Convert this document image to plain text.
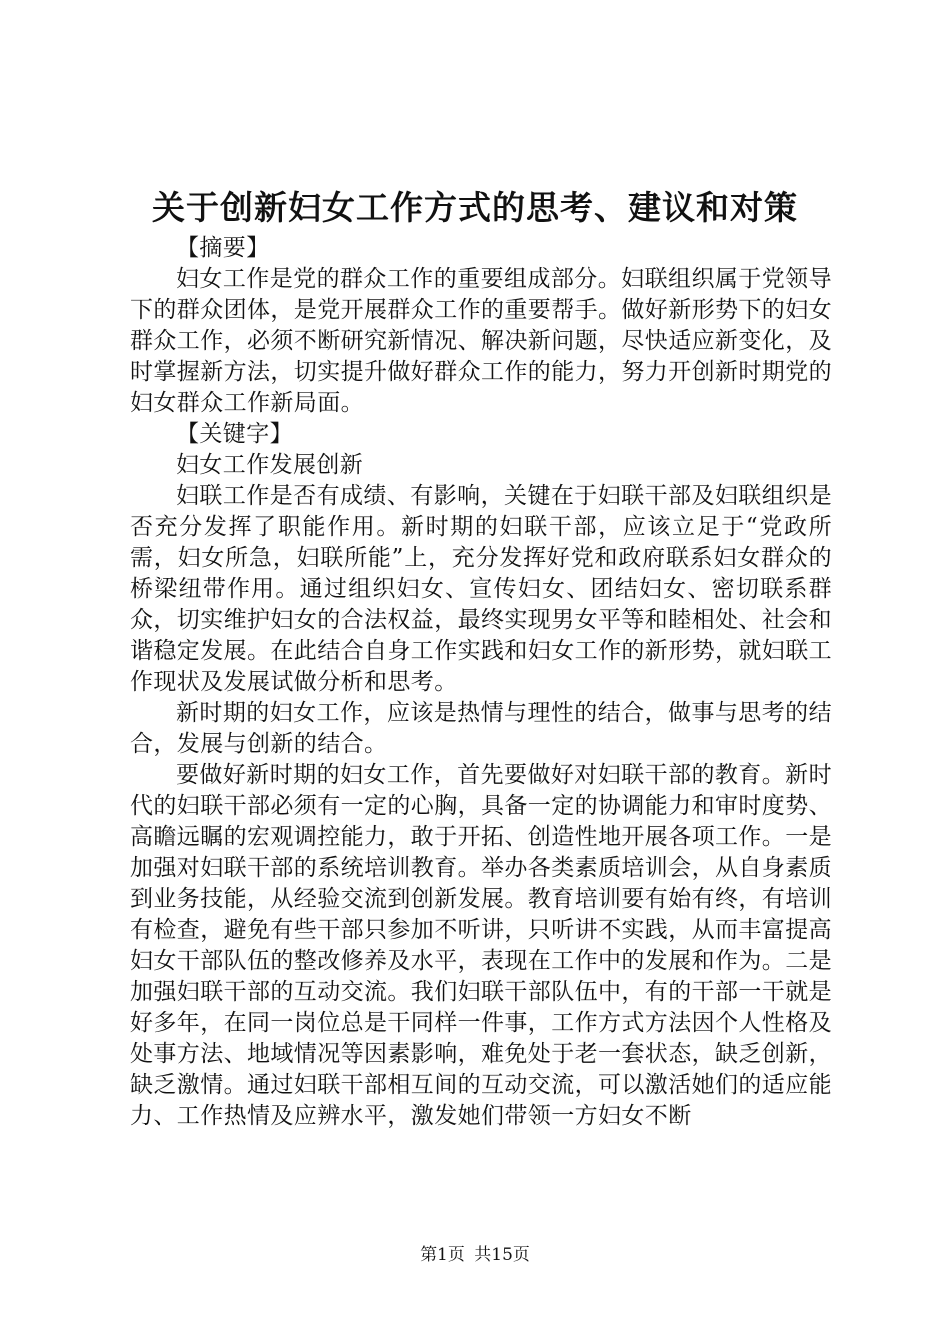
关于创新妇女工作方式的思考、建议和对策

【摘要】

妇女工作是党的群众工作的重要组成部分。妇联组织属于党领导下的群众团体，是党开展群众工作的重要帮手。做好新形势下的妇女群众工作，必须不断研究新情况、解决新问题，尽快适应新变化，及时掌握新方法，切实提升做好群众工作的能力，努力开创新时期党的妇女群众工作新局面。

【关键字】

妇女工作发展创新

妇联工作是否有成绩、有影响，关键在于妇联干部及妇联组织是否充分发挥了职能作用。新时期的妇联干部，应该立足于“党政所需，妇女所急，妇联所能”上，充分发挥好党和政府联系妇女群众的桥梁纽带作用。通过组织妇女、宣传妇女、团结妇女、密切联系群众，切实维护妇女的合法权益，最终实现男女平等和睦相处、社会和谐稳定发展。在此结合自身工作实践和妇女工作的新形势，就妇联工作现状及发展试做分析和思考。

新时期的妇女工作，应该是热情与理性的结合，做事与思考的结合，发展与创新的结合。

要做好新时期的妇女工作，首先要做好对妇联干部的教育。新时代的妇联干部必须有一定的心胸，具备一定的协调能力和审时度势、高瞻远瞩的宏观调控能力，敢于开拓、创造性地开展各项工作。一是加强对妇联干部的系统培训教育。举办各类素质培训会，从自身素质到业务技能，从经验交流到创新发展。教育培训要有始有终，有培训有检查，避免有些干部只参加不听讲，只听讲不实践，从而丰富提高妇女干部队伍的整改修养及水平，表现在工作中的发展和作为。二是加强妇联干部的互动交流。我们妇联干部队伍中，有的干部一干就是好多年，在同一岗位总是干同样一件事，工作方式方法因个人性格及处事方法、地域情况等因素影响，难免处于老一套状态，缺乏创新，缺乏激情。通过妇联干部相互间的互动交流，可以激活她们的适应能力、工作热情及应辨水平，激发她们带领一方妇女不断

第1页 共15页
